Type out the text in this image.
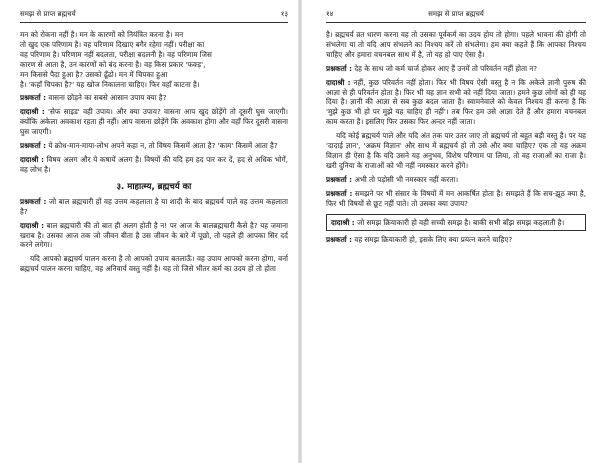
समझ से प्राप्त ब्रह्मचर्य	१३

मन को रोकना नहीं है। मन के कारणों को नियंत्रित करना है। मन

तो खुद एक परिणाम है। वह परिणाम दिखाए बगैर रहेगा नहीं। परीक्षा का

वह परिणाम है। परिणाम नहीं बदलता, परीक्षा बदलनी है। वह परिणाम जिस

कारण से आता है, उन कारणों को बंद करना है। वह किस प्रकार 'फक्ड़',

मन किससे पैदा हुआ है? उसको ढूँढो। मन में चिपका हुआ

है। 'कहाँ चिपका है?' यह खोज निकालना चाहिए। फिर वहाँ काटना है।

प्रश्नकर्ता : वासना छोड़ने का सबसे आसान उपाय क्या है?

दादाश्री : 'सेफ साइड' वही उपाय। और क्या उपाय? वासना आप खुद छोड़ेंगे तो दूसरी घुस जाएगी। क्योंकि अकेला अवकाश रहता ही नहीं। आप वासना छोड़ेंगे कि अवकाश होगा और वहाँ फिर दूसरी वासना घुस जाएगी।

प्रश्नकर्ता : ये क्रोध-मान-माया-लोभ अपने कहा न, तो विषय किसमें आता है? 'काम' किसमें आता है?

दादाश्री : विषय अलग और ये कषायें अलग है। विषयों की यदि हम हद पार कर दें, हद से अधिक भोगें, वह लोभ है।

३. माहात्म्य, ब्रह्मचर्य का

प्रश्नकर्ता : जो बाल ब्रह्मचारी हों वह उत्तम कहलाता है या शादी के बाद ब्रह्मचर्य पाले वह उत्तम कहलाता है?

दादाश्री : बाल ब्रह्मचारी की तो बात ही अलग होती है न! पर आज के बालब्रह्मचारी कैसे है? यह जमाना खराब है। उसका आज तक जो जीवन बीता है उस जीवन के बारे में पूछो, तो पहले ही आपका सिर दर्द करने लगेगा।

यदि आपको ब्रह्मचर्य पालन करना है तो आपको उपाय बतलाऊँ। वह उपाय आपको करना होगा, वर्ना ब्रह्मचर्य पालन करना चाहिए, वह अनिवार्य वस्तु नहीं है। यह तो जिसे भीतर कर्म का उदय हो तो होता

१४	समझ से प्राप्त ब्रह्मचर्य

है। ब्रह्मचर्य व्रत धारण करना वह तो उसका पूर्वकर्म का उदय होय तो होगा। पहले भावना की होगी तो संभलेगा या तो यदि आप संभलने का निश्चय करें तो संभलेगा। हम क्या कहते हैं कि आपका निश्चय चाहिए और हमारा वचनबल साथ में है, तो यह हो पाए ऐसा है।

प्रश्नकर्ता : देह के साथ जो कर्म चार्ज होकर आए हैं उनमें तो परिवर्तन नहीं होता न?

दादाश्री : नहीं, कुछ परिवर्तन नहीं होता। फिर भी विषय ऐसी वस्तु है न कि अकेले ज्ञानी पुरुष की आज्ञा से ही परिवर्तन होता है। फिर भी यह ज्ञान सभी को नहीं दिया जाता। हमने कुछ लोगों को ही यह दिया है। ज्ञानी की आज्ञा से सब कुछ बदल जाता है। स्वामनेवाले को केवल निश्चय ही करना है कि 'मुझे कुछ भी हो पर मुझे यह चाहिए ही नहीं'। तब फिर हम उसे आज्ञा देते हैं और हमारा वचनबल काम करता है। इसलिए फिर उसका फिर अन्दर नहीं जाता।

यदि कोई ब्रह्मचर्य पाले और यदि अंत तक पार उतर जाए तो ब्रह्मचर्य तो बहुत बड़ी वस्तु है। पर यह 'दादाई ज्ञान', 'अक्रम विज्ञान' और साथ में ब्रह्मचर्य हो तो उसे और क्या चाहिए? एक तो यह अक्रम विज्ञान ही ऐसा है कि यदि उसने यह अनुभव, विशेष परिणाम पा लिया, तो वह राजाओं का राजा है। खरी दुनिया के राजाओं को भी नहीं नमस्कार करने होंगे।

प्रश्नकर्ता : अभी तो पड़ोसी भी नमस्कार नहीं करता।

प्रश्नकर्ता : समझने पर भी संसार के विषयों में मन आकर्षित होता है। समझते हैं कि सच-झूठ क्या है, फिर भी विषयों से छूट नहीं पाते। तो उसका क्या उपाय?

दादाश्री : जो समझ क्रियाकारी हो वही सच्ची समझ है। बाकी सभी बाँझ समझ कहलाती है।

प्रश्नकर्ता : वह समझ क्रियाकारी हो, इसके लिए क्या प्रयत्न करने चाहिए?
